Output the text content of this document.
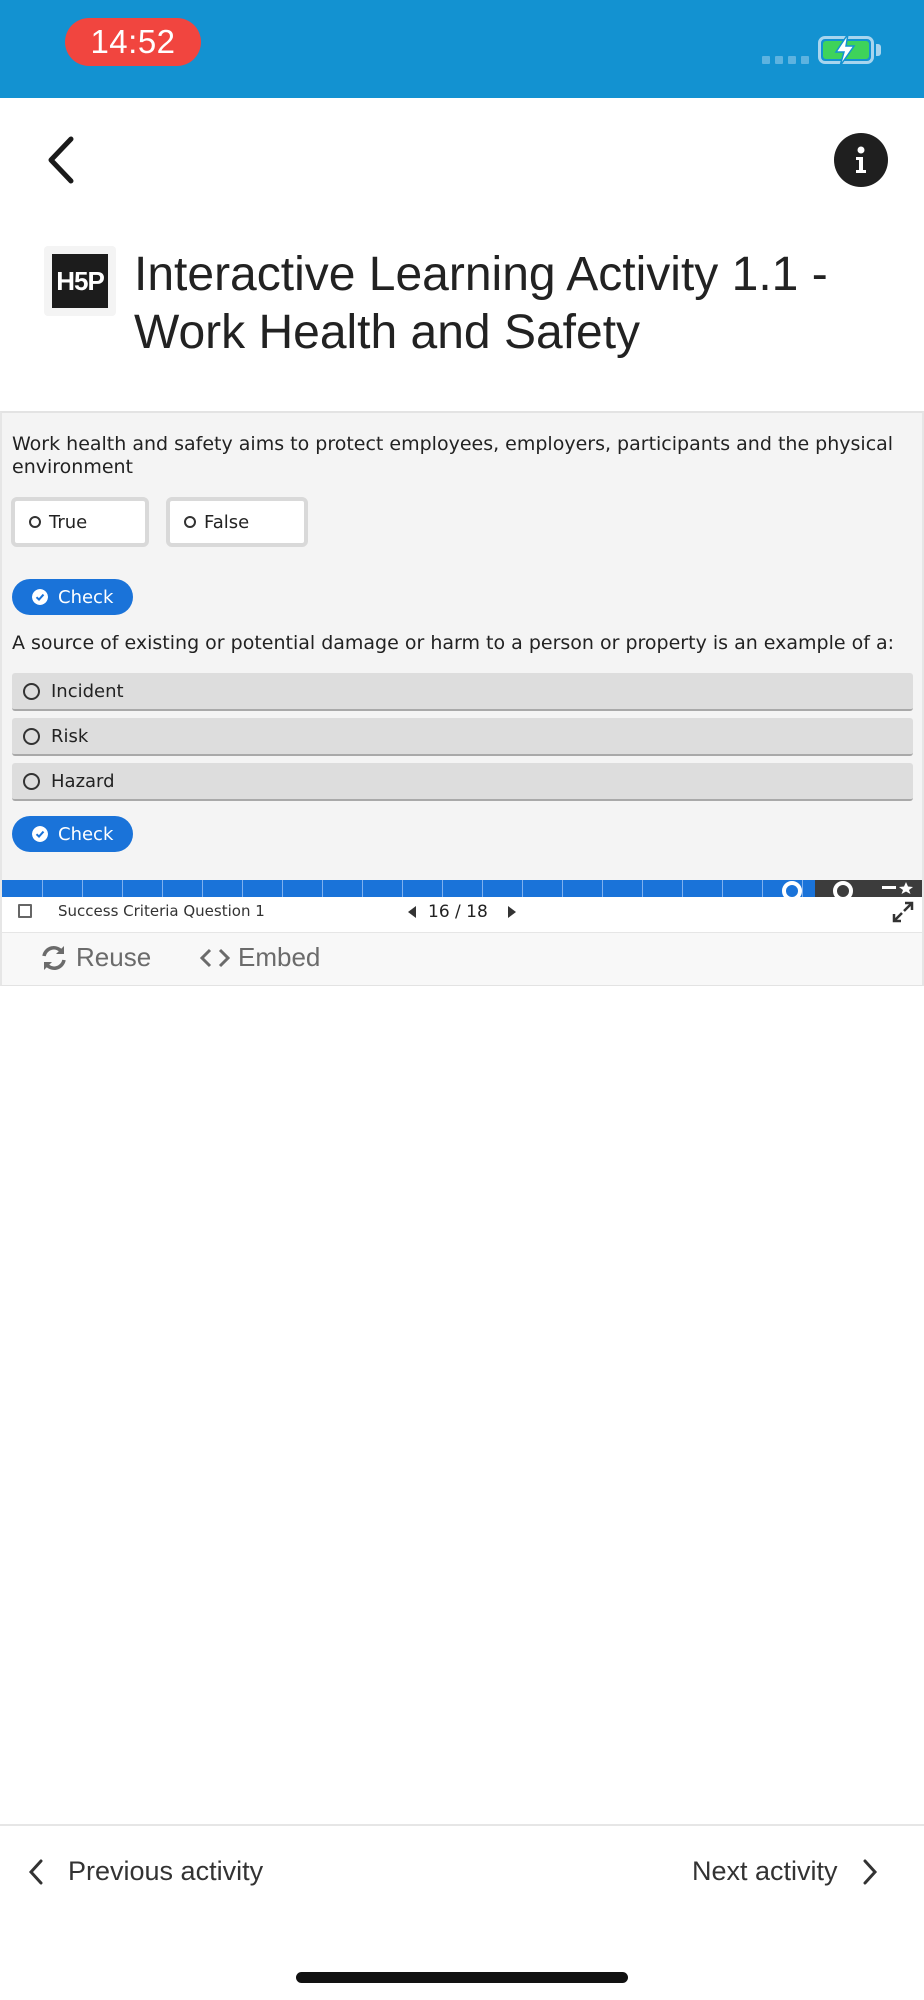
14:52
H5P Interactive Learning Activity 1.1 - Work Health and Safety
Work health and safety aims to protect employees, employers, participants and the physical environment
True	False
Check
A source of existing or potential damage or harm to a person or property is an example of a:
Incident
Risk
Hazard
Check
Success Criteria Question 1	16 / 18
Reuse	Embed
Previous activity	Next activity
